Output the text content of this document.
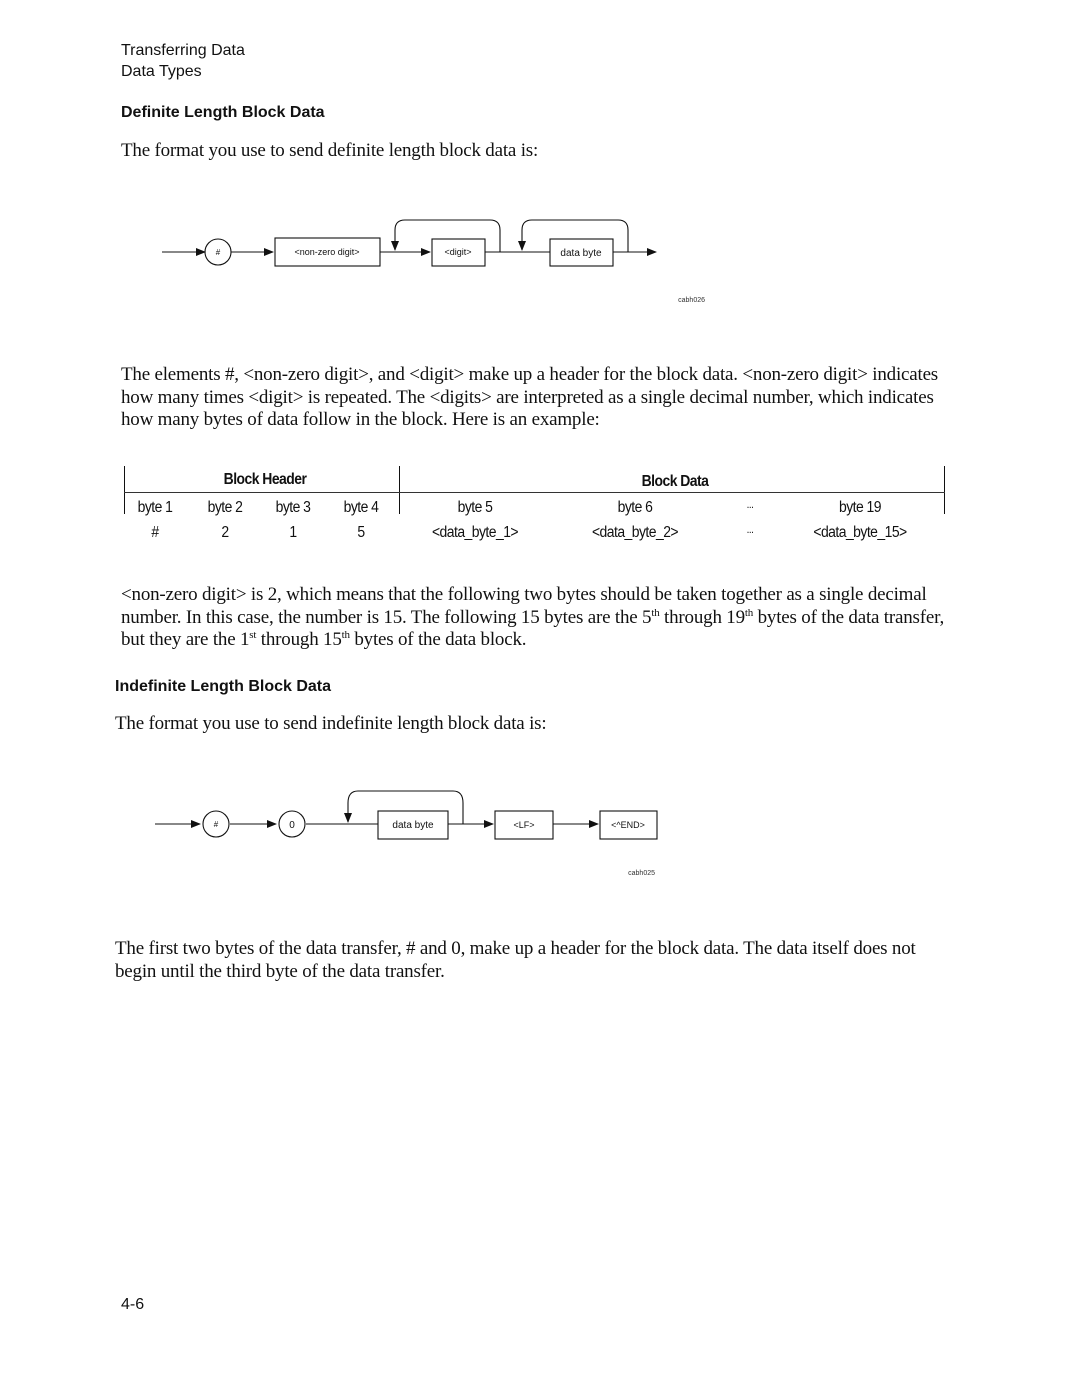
Transferring Data
Data Types
Definite Length Block Data
The format you use to send definite length block data is:
#	<non-zero digit>	<digit>	data byte
cabh026
The elements #, <non-zero digit>, and <digit> make up a header for the block data. <non-zero digit> indicates how many times <digit> is repeated. The <digits> are interpreted as a single decimal number, which indicates how many bytes of data follow in the block. Here is an example:
Block Header	Block Data
byte 1	byte 2	byte 3	byte 4	byte 5	byte 6	...	byte 19
#	2	1	5	<data_byte_1>	<data_byte_2>	...	<data_byte_15>
<non-zero digit> is 2, which means that the following two bytes should be taken together as a single decimal number. In this case, the number is 15. The following 15 bytes are the 5th through 19th bytes of the data transfer, but they are the 1st through 15th bytes of the data block.
Indefinite Length Block Data
The format you use to send indefinite length block data is:
#	0	data byte	<LF>	<^END>
cabh025
The first two bytes of the data transfer, # and 0, make up a header for the block data. The data itself does not begin until the third byte of the data transfer.
4-6
